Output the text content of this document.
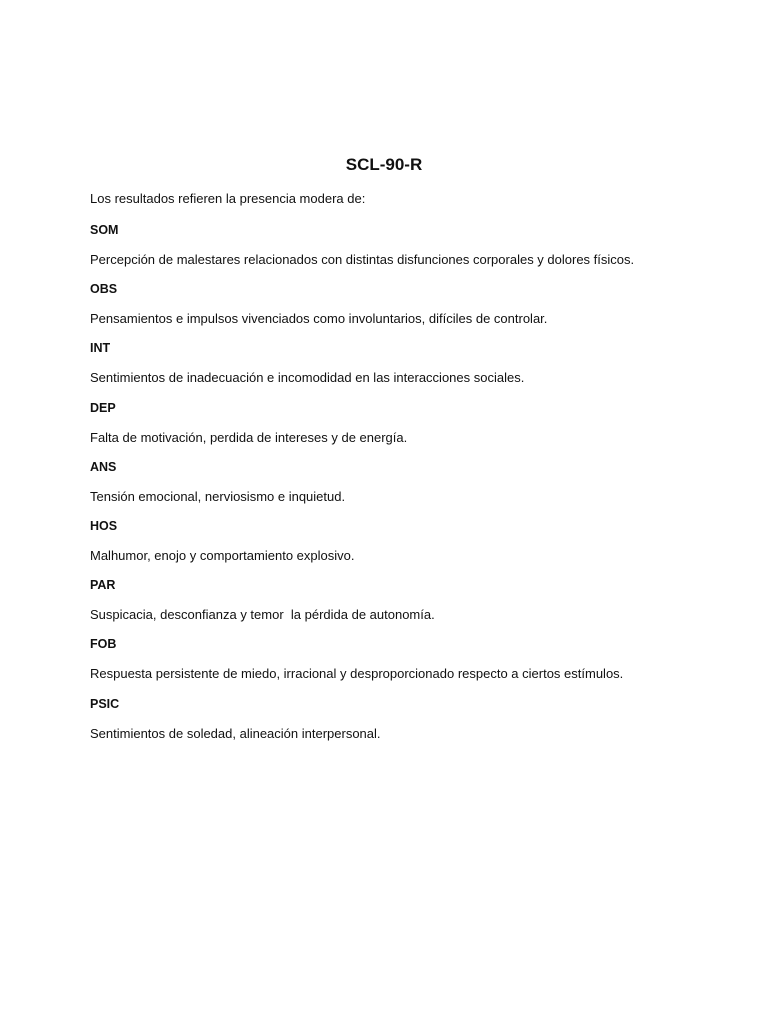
SCL-90-R
Los resultados refieren la presencia modera de:
SOM
Percepción de malestares relacionados con distintas disfunciones corporales y dolores físicos.
OBS
Pensamientos e impulsos vivenciados como involuntarios, difíciles de controlar.
INT
Sentimientos de inadecuación e incomodidad en las interacciones sociales.
DEP
Falta de motivación, perdida de intereses y de energía.
ANS
Tensión emocional, nerviosismo e inquietud.
HOS
Malhumor, enojo y comportamiento explosivo.
PAR
Suspicacia, desconfianza y temor  la pérdida de autonomía.
FOB
Respuesta persistente de miedo, irracional y desproporcionado respecto a ciertos estímulos.
PSIC
Sentimientos de soledad, alineación interpersonal.
